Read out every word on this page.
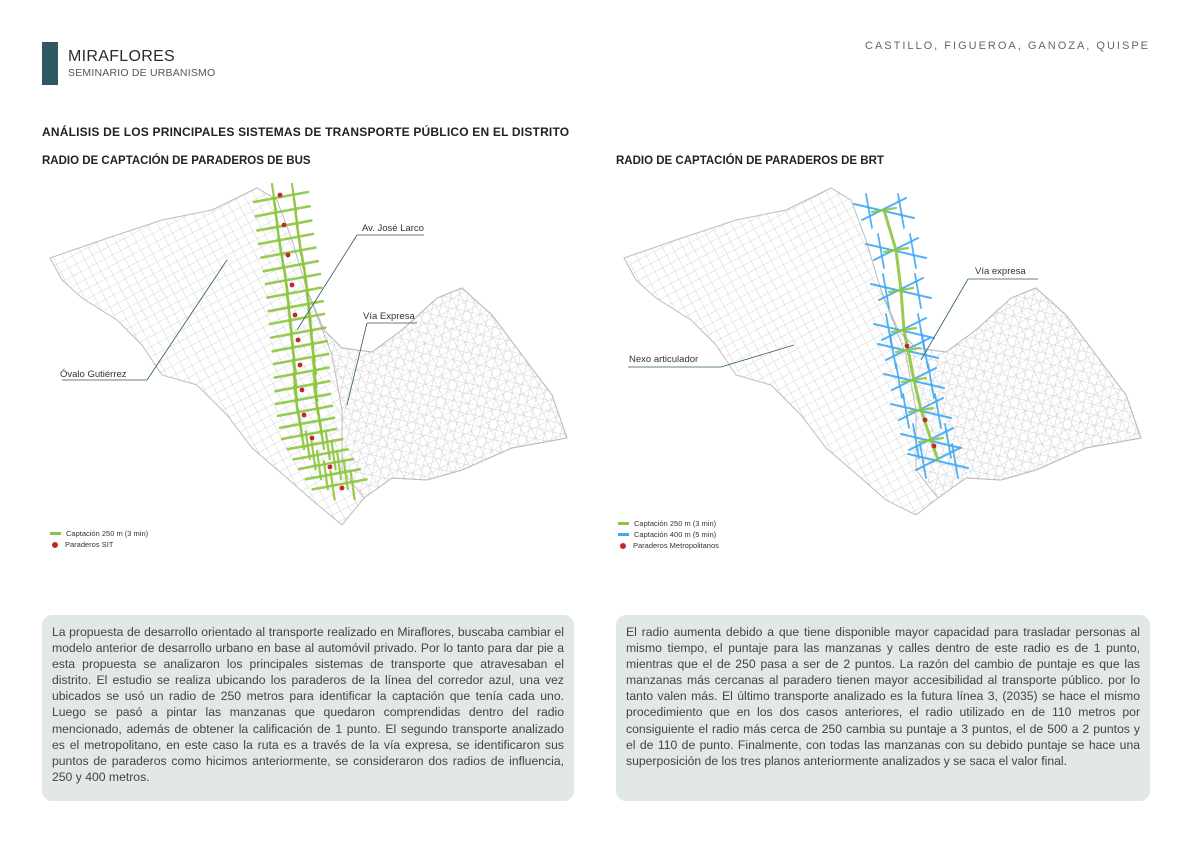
MIRAFLORES
SEMINARIO DE URBANISMO
CASTILLO, FIGUEROA, GANOZA, QUISPE
ANÁLISIS DE LOS PRINCIPALES SISTEMAS DE TRANSPORTE PÚBLICO EN EL DISTRITO
RADIO DE CAPTACIÓN DE PARADEROS DE BUS
Av. José Larco
Vía Expresa
Óvalo Gutiérrez
Captación 250 m (3 min)
Paraderos SIT
RADIO DE CAPTACIÓN DE PARADEROS DE BRT
Vía expresa
Nexo articulador
Captación 250 m (3 min)
Captación 400 m (5 min)
Paraderos Metropolitanos
La propuesta de desarrollo orientado al transporte realizado en Miraflores, buscaba cambiar el modelo anterior de desarrollo urbano en base al automóvil privado. Por lo tanto para dar pie a esta propuesta se analizaron los principales sistemas de transporte que atravesaban el distrito. El estudio se realiza ubicando los paraderos de la línea del corredor azul, una vez ubicados se usó un radio de 250 metros para identificar la captación que tenía cada uno. Luego se pasó a pintar las manzanas que quedaron comprendidas dentro del radio mencionado, además de obtener la calificación de 1 punto. El segundo transporte analizado es el metropolitano, en este caso la ruta es a través de la vía expresa, se identificaron sus puntos de paraderos como hicimos anteriormente, se consideraron dos radios de influencia, 250 y 400 metros.
El radio aumenta debido a que tiene disponible mayor capacidad para trasladar personas al mismo tiempo, el puntaje para las manzanas y calles dentro de este radio es de 1 punto, mientras que el de 250 pasa a ser de 2 puntos. La razón del cambio de puntaje es que las manzanas más cercanas al paradero tienen mayor accesibilidad al transporte público. por lo tanto valen más. El último transporte analizado es la futura línea 3, (2035) se hace el mismo procedimiento que en los dos casos anteriores, el radio utilizado en de 110 metros por consiguiente el radio más cerca de 250 cambia su puntaje a 3 puntos, el de 500 a 2 puntos y el de 110 de punto. Finalmente, con todas las manzanas con su debido puntaje se hace una superposición de los tres planos anteriormente analizados y se saca el valor final.
